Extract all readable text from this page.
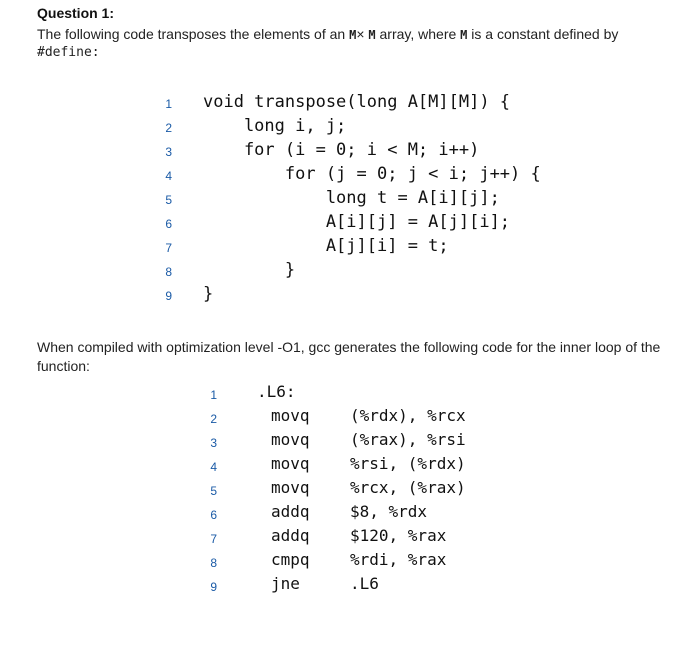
Question 1:
The following code transposes the elements of an M× M array, where M is a constant defined by
#define:
1 void transpose(long A[M][M]) {
2 long i, j;
3 for (i = 0; i < M; i++)
4 for (j = 0; j < i; j++) {
5 long t = A[i][j];
6 A[i][j] = A[j][i];
7 A[j][i] = t;
8 }
9 }
When compiled with optimization level -O1, gcc generates the following code for the inner loop of the function:
1	.L6:
2	movq	(%rdx), %rcx
3	movq	(%rax), %rsi
4	movq	%rsi, (%rdx)
5	movq	%rcx, (%rax)
6	addq	$8, %rdx
7	addq	$120, %rax
8	cmpq	%rdi, %rax
9	jne	.L6
